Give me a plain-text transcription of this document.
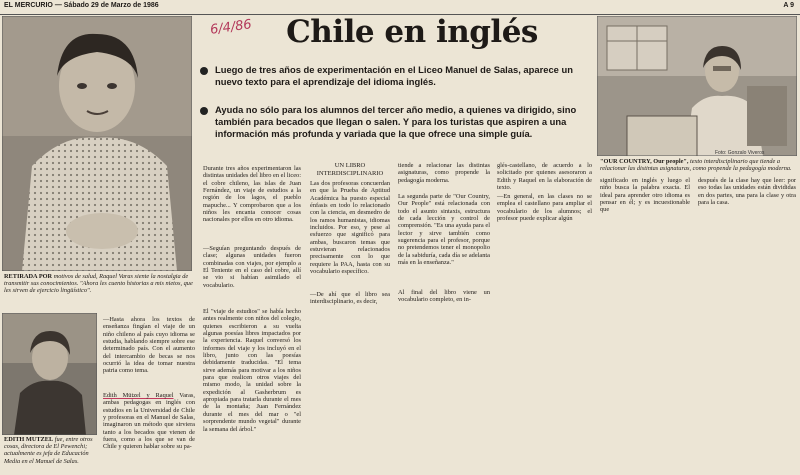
EL MERCURIO — Sábado 29 de Marzo de 1986	A 9
6/4/86	Chile en inglés
Luego de tres años de experimentación en el Liceo Manuel de Salas, aparece un nuevo texto para el aprendizaje del idioma inglés.
Ayuda no sólo para los alumnos del tercer año medio, a quienes va dirigido, sino también para becados que llegan o salen. Y para los turistas que aspiren a una información más profunda y variada que la que ofrece una simple guía.
RETIRADA POR motivos de salud, Raquel Varas siente la nostalgia de transmitir sus conocimientos. "Ahora les cuento historias a mis nietos, que les sirven de ejercicio lingüístico".
EDITH MUTZEL fue, entre otros cosas, directora de El Pewenchi; actualmente es jefa de Educación Media en el Manuel de Salas.
Foto: Gonzalo Viveros
"OUR COUNTRY, Our people", texto interdisciplinario que tiende a relacionar las distintas asignaturas, como propende la pedagogía moderna.
Durante tres años experimentaron las distintas unidades del libro en el liceo: el cobre chileno, las islas de Juan Fernández, un viaje de estudios a la región de los lagos, el pueblo mapuche... Y comprobaron que a los niños les encanta conocer cosas nacionales por ellos en otro idioma.
—Seguían preguntando después de clase; algunas unidades fueron combinadas con viajes, por ejemplo a El Teniente en el caso del cobre, allí se vio si habían asimilado el vocabulario.
UN LIBRO INTERDISCIPLINARIO
Las dos profesoras concuerdan en que la Prueba de Aptitud Académica ha puesto especial énfasis en todo lo relacionado con la ciencia, en desmedro de los ramos humanistas, idiomas incluidos. Por eso, y pese al esfuerzo que significó para ambas, buscaron temas que estuvieran relacionados precisamente con lo que requiere la PAA, hasta con su vocabulario específico.
—De ahí que el libro sea interdisciplinario, es decir,
tiende a relacionar las distintas asignaturas, como propende la pedagogía moderna.
La segunda parte de "Our Country, Our People" está relacionada con todo el asunto sintaxis, estructura de cada lección y control de comprensión. "Es una ayuda para el lector y sirve también como sugerencia para el profesor, porque no pretendemos tener el monopolio de la sabiduría, cada día se adelanta más en la enseñanza."
Al final del libro viene un vocabulario completo, en in-
glés-castellano, de acuerdo a lo solicitado por quienes asesoraron a Edith y Raquel en la elaboración de texto.
—En general, en las clases no se emplea el castellano para ampliar el vocabulario de los alumnos; el profesor puede explicar algún
significado en inglés y luego el niño busca la palabra exacta. El ideal para aprender otro idioma es pensar en él; y es incuestionable que
después de la clase hay que leer: por eso todas las unidades están divididas en dos partes, una para la clase y otra para la casa.
—Hasta ahora los textos de enseñanza fingían el viaje de un niño chileno al país cuyo idioma se estudia, hablando siempre sobre ese determinado país. Con el aumento del intercambio de becas se nos ocurrió la idea de tomar nuestra patria como tema.
Edith Mützel y Raquel Varas, ambas pedagogas en inglés con estudios en la Universidad de Chile y profesoras en el Manuel de Salas, imaginaron un método que sirviera tanto a los becados que vienen de fuera, como a los que se van de Chile y quieren hablar sobre su pa-
El "viaje de estudios" se había hecho antes realmente con niños del colegio, quienes escribieron a su vuelta algunas poesías libres impactados por la experiencia. Raquel conversó los informes del viaje y los incluyó en el libro, junto con las poesías debidamente traducidas. "El tema sirve además para motivar a los niños para que realicen otros viajes del mismo modo, la unidad sobre la expedición al Gasherbrum es apropiada para tratarla durante el mes de la montaña; Juan Fernández durante el mes del mar o "el sorprendente mundo vegetal" durante la semana del árbol."
